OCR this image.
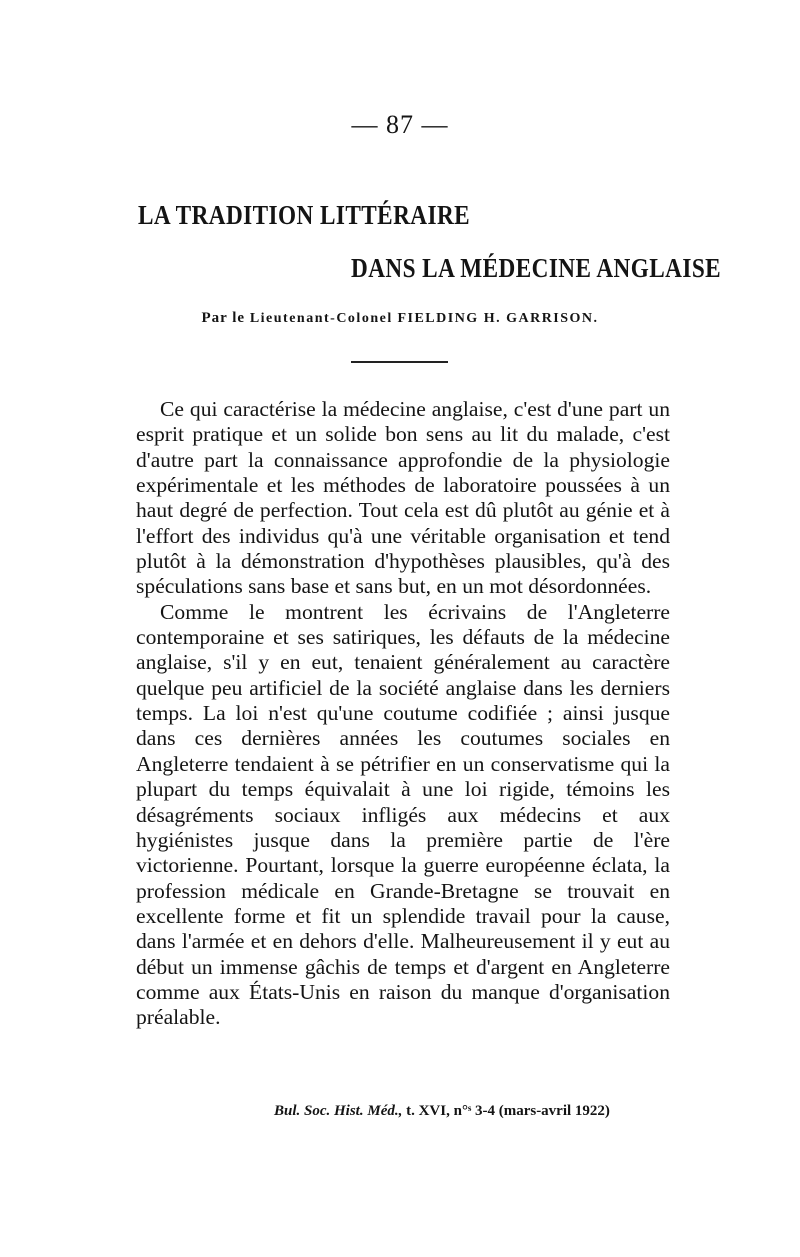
— 87 —
LA TRADITION LITTÉRAIRE
DANS LA MÉDECINE ANGLAISE
Par le Lieutenant-Colonel FIELDING H. GARRISON.

Ce qui caractérise la médecine anglaise, c'est d'une part un esprit pratique et un solide bon sens au lit du malade, c'est d'autre part la connaissance approfondie de la physiologie expérimentale et les méthodes de laboratoire poussées à un haut degré de perfection. Tout cela est dû plutôt au génie et à l'effort des individus qu'à une véritable organisation et tend plutôt à la démonstration d'hypothèses plausibles, qu'à des spéculations sans base et sans but, en un mot désordonnées.

Comme le montrent les écrivains de l'Angleterre contemporaine et ses satiriques, les défauts de la médecine anglaise, s'il y en eut, tenaient généralement au caractère quelque peu artificiel de la société anglaise dans les derniers temps. La loi n'est qu'une coutume codifiée ; ainsi jusque dans ces dernières années les coutumes sociales en Angleterre tendaient à se pétrifier en un conservatisme qui la plupart du temps équivalait à une loi rigide, témoins les désagréments sociaux infligés aux médecins et aux hygiénistes jusque dans la première partie de l'ère victorienne. Pourtant, lorsque la guerre européenne éclata, la profession médicale en Grande-Bretagne se trouvait en excellente forme et fit un splendide travail pour la cause, dans l'armée et en dehors d'elle. Malheureusement il y eut au début un immense gâchis de temps et d'argent en Angleterre comme aux États-Unis en raison du manque d'organisation préalable.

Bul. Soc. Hist. Méd., t. XVI, n°ˢ 3-4 (mars-avril 1922)
